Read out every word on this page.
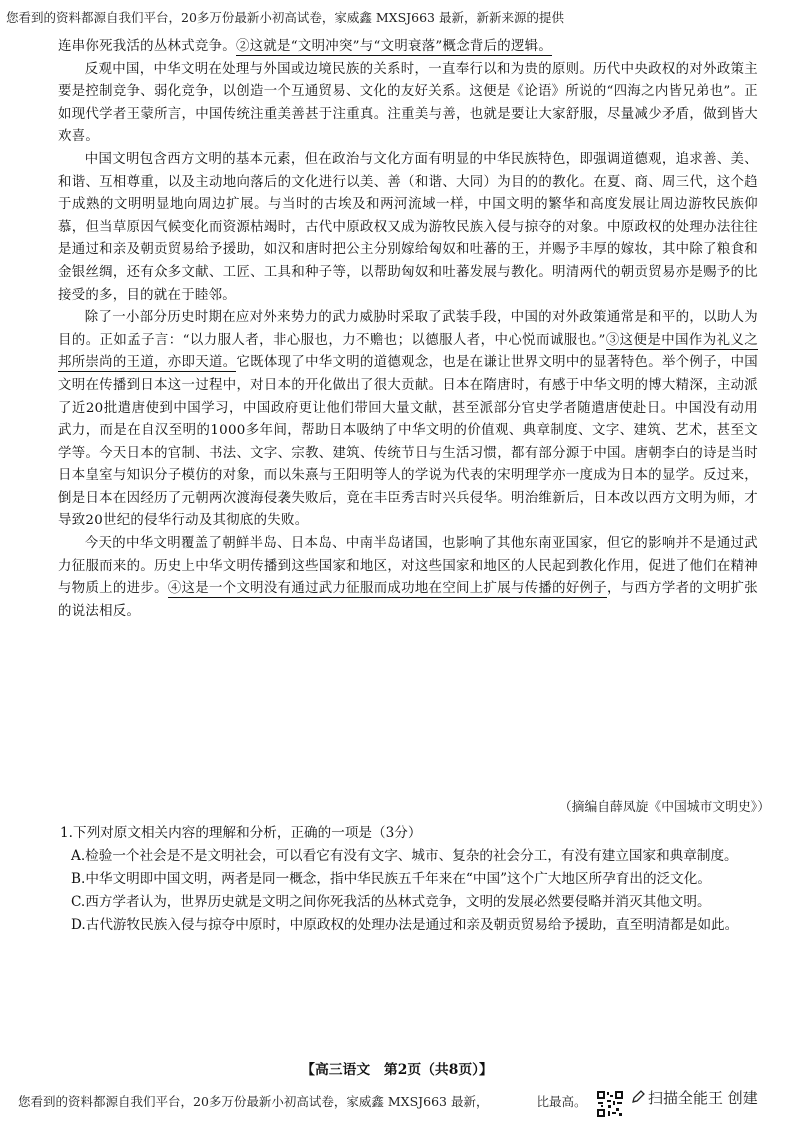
您看到的资料都源自我们平台，20多万份最新小初高试卷，家威鑫 MXSJ663 最新，新新来源的提供

连串你死我活的丛林式竞争。②这就是“文明冲突”与“文明衰落”概念背后的逻辑。

反观中国，中华文明在处理与外国或边境民族的关系时，一直奉行以和为贵的原则。历代中央政权的对外政策主要是控制竞争、弱化竞争，以创造一个互通贸易、文化的友好关系。这便是《论语》所说的“四海之内皆兄弟也”。正如现代学者王蒙所言，中国传统注重美善甚于注重真。注重美与善，也就是要让大家舒服，尽量减少矛盾，做到皆大欢喜。

中国文明包含西方文明的基本元素，但在政治与文化方面有明显的中华民族特色，即强调道德观，追求善、美、和谐、互相尊重，以及主动地向落后的文化进行以美、善（和谐、大同）为目的的教化。在夏、商、周三代，这个趋于成熟的文明明显地向周边扩展。与当时的古埃及和两河流域一样，中国文明的繁华和高度发展让周边游牧民族仰慕，但当草原因气候变化而资源枯竭时，古代中原政权又成为游牧民族入侵与掠夺的对象。中原政权的处理办法往往是通过和亲及朝贡贸易给予援助，如汉和唐时把公主分别嫁给匈奴和吐蕃的王，并赐予丰厚的嫁妆，其中除了粮食和金银丝绸，还有众多文献、工匠、工具和种子等，以帮助匈奴和吐蕃发展与教化。明清两代的朝贡贸易亦是赐予的比接受的多，目的就在于睦邻。

除了一小部分历史时期在应对外来势力的武力威胁时采取了武装手段，中国的对外政策通常是和平的，以助人为目的。正如孟子言：“以力服人者，非心服也，力不赡也；以德服人者，中心悦而诚服也。”③这便是中国作为礼义之邦所崇尚的王道，亦即天道。它既体现了中华文明的道德观念，也是在谦让世界文明中的显著特色。举个例子，中国文明在传播到日本这一过程中，对日本的开化做出了很大贡献。日本在隋唐时，有感于中华文明的博大精深，主动派了近20批遣唐使到中国学习，中国政府更让他们带回大量文献，甚至派部分官史学者随遣唐使赴日。中国没有动用武力，而是在自汉至明的1000多年间，帮助日本吸纳了中华文明的价值观、典章制度、文字、建筑、艺术，甚至文学等。今天日本的官制、书法、文字、宗教、建筑、传统节日与生活习惯，都有部分源于中国。唐朝李白的诗是当时日本皇室与知识分子模仿的对象，而以朱熹与王阳明等人的学说为代表的宋明理学亦一度成为日本的显学。反过来，倒是日本在因经历了元朝两次渡海侵袭失败后，竟在丰臣秀吉时兴兵侵华。明治维新后，日本改以西方文明为师，才导致20世纪的侵华行动及其彻底的失败。

今天的中华文明覆盖了朝鲜半岛、日本岛、中南半岛诸国，也影响了其他东南亚国家，但它的影响并不是通过武力征服而来的。历史上中华文明传播到这些国家和地区，对这些国家和地区的人民起到教化作用，促进了他们在精神与物质上的进步。④这是一个文明没有通过武力征服而成功地在空间上扩展与传播的好例子，与西方学者的文明扩张的说法相反。

（摘编自薛凤旋《中国城市文明史》）

1.下列对原文相关内容的理解和分析，正确的一项是（3分）

A.检验一个社会是不是文明社会，可以看它有没有文字、城市、复杂的社会分工，有没有建立国家和典章制度。

B.中华文明即中国文明，两者是同一概念，指中华民族五千年来在“中国”这个广大地区所孕育出的泛文化。

C.西方学者认为，世界历史就是文明之间你死我活的丛林式竞争，文明的发展必然要侵略并消灭其他文明。

D.古代游牧民族入侵与掠夺中原时，中原政权的处理办法是通过和亲及朝贡贸易给予援助，直至明清都是如此。

【高三语文　第2页（共8页）】
您看到的资料都源自我们平台，20多万份最新小初高试卷，家威鑫 MXSJ663 最新，	比最高。	扫描全能王 创建
